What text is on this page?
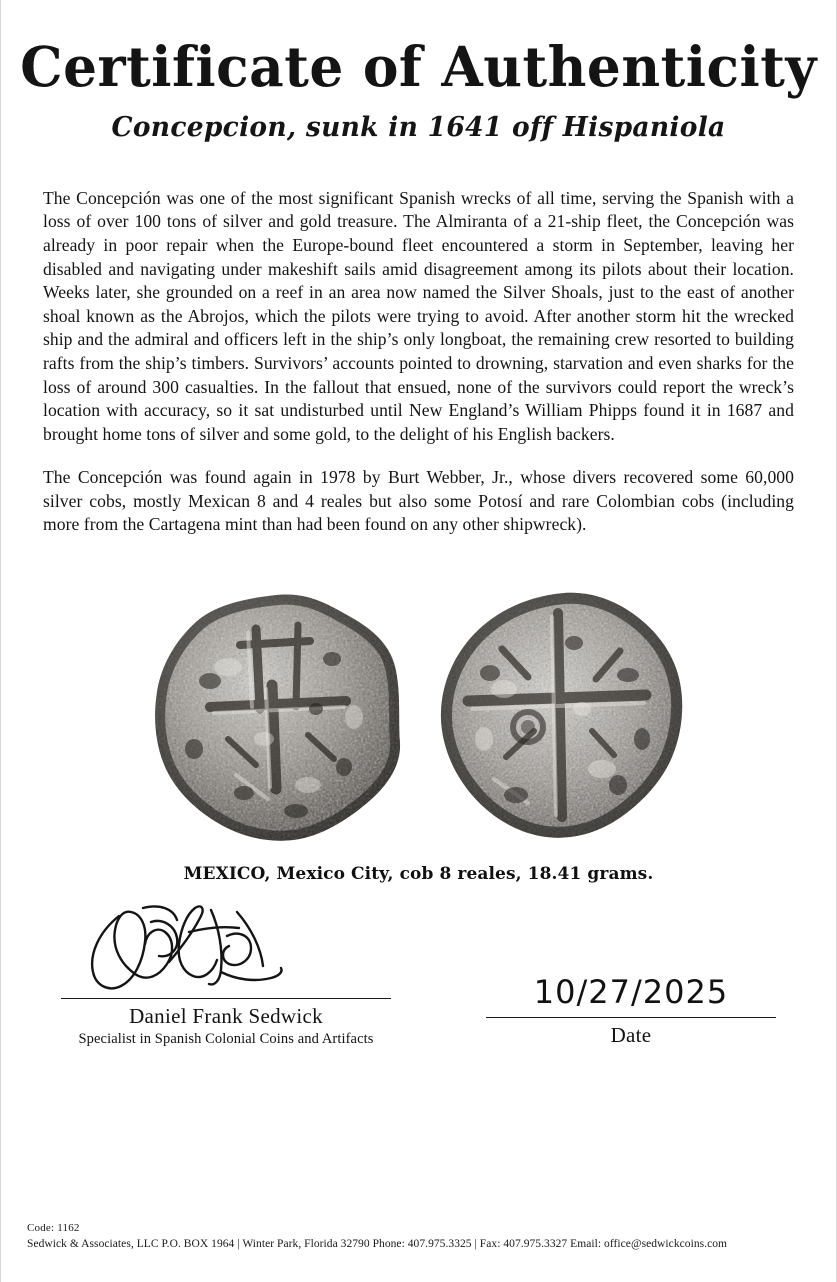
Certificate of Authenticity
Concepcion, sunk in 1641 off Hispaniola

The Concepción was one of the most significant Spanish wrecks of all time, serving the Spanish with a loss of over 100 tons of silver and gold treasure. The Almiranta of a 21-ship fleet, the Concepción was already in poor repair when the Europe-bound fleet encountered a storm in September, leaving her disabled and navigating under makeshift sails amid disagreement among its pilots about their location. Weeks later, she grounded on a reef in an area now named the Silver Shoals, just to the east of another shoal known as the Abrojos, which the pilots were trying to avoid. After another storm hit the wrecked ship and the admiral and officers left in the ship’s only longboat, the remaining crew resorted to building rafts from the ship’s timbers. Survivors’ accounts pointed to drowning, starvation and even sharks for the loss of around 300 casualties. In the fallout that ensued, none of the survivors could report the wreck’s location with accuracy, so it sat undisturbed until New England’s William Phipps found it in 1687 and brought home tons of silver and some gold, to the delight of his English backers.

The Concepción was found again in 1978 by Burt Webber, Jr., whose divers recovered some 60,000 silver cobs, mostly Mexican 8 and 4 reales but also some Potosí and rare Colombian cobs (including more from the Cartagena mint than had been found on any other shipwreck).

MEXICO, Mexico City, cob 8 reales, 18.41 grams.
Daniel Frank Sedwick
Specialist in Spanish Colonial Coins and Artifacts
10/27/2025
Date
Code: 1162
Sedwick & Associates, LLC P.O. BOX 1964 | Winter Park, Florida 32790 Phone: 407.975.3325 | Fax: 407.975.3327 Email: office@sedwickcoins.com
